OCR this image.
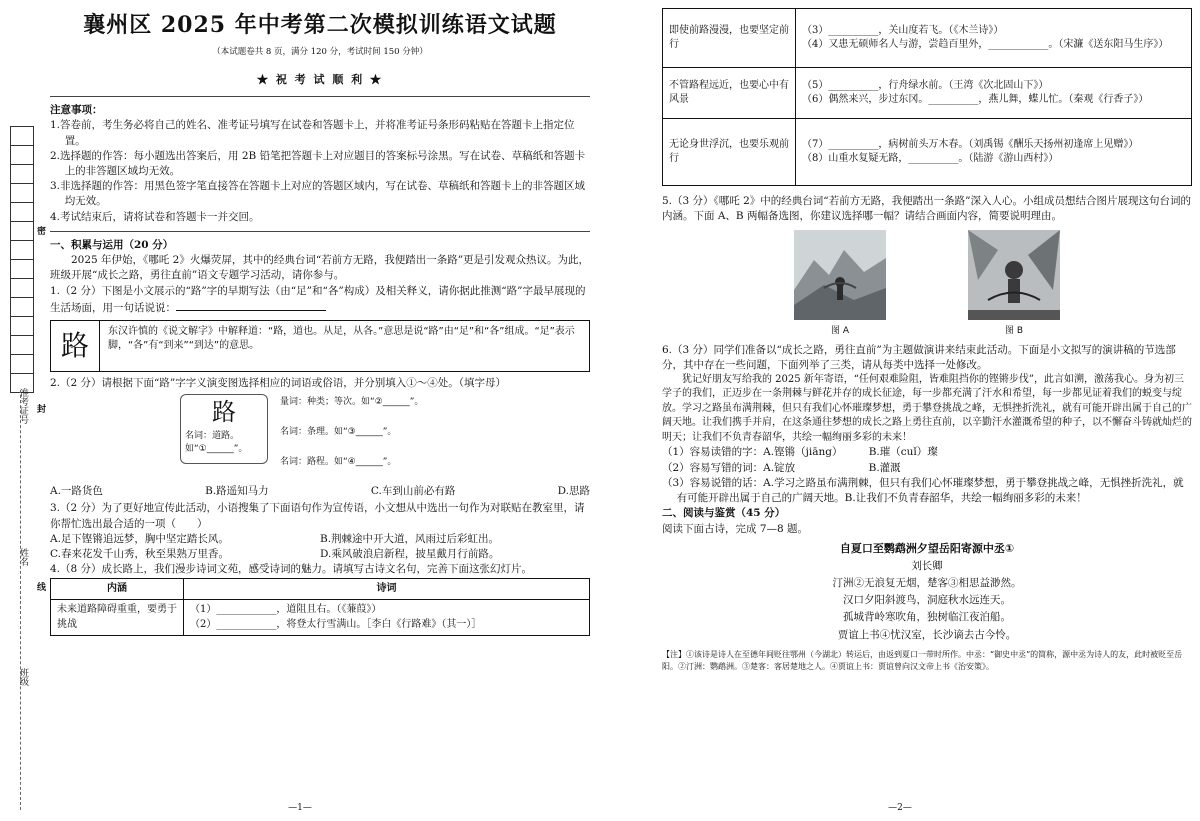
准考证号
姓名
班级
密
封
线
襄州区 2025 年中考第二次模拟训练语文试题
（本试题卷共 8 页，满分 120 分，考试时间 150 分钟）
★ 祝 考 试 顺 利 ★

注意事项：

1.答卷前，考生务必将自己的姓名、准考证号填写在试卷和答题卡上，并将准考证号条形码粘贴在答题卡上指定位置。

2.选择题的作答：每小题选出答案后，用 2B 铅笔把答题卡上对应题目的答案标号涂黑。写在试卷、草稿纸和答题卡上的非答题区域均无效。

3.非选择题的作答：用黑色签字笔直接答在答题卡上对应的答题区域内，写在试卷、草稿纸和答题卡上的非答题区域均无效。

4.考试结束后，请将试卷和答题卡一并交回。

一、积累与运用（20 分）

2025 年伊始，《哪吒 2》火爆荧屏，其中的经典台词“若前方无路，我便踏出一条路”更是引发观众热议。为此，班级开展“成长之路，勇往直前”语文专题学习活动，请你参与。

1.（2 分）下图是小文展示的“路”字的早期写法（由“足”和“各”构成）及相关释义，请你据此推测“路”字最早展现的生活场面，用一句话说说：

路	东汉许慎的《说文解字》中解释道：“路，道也。从足，从各。”意思是说“路”由“足”和“各”组成。“足”表示脚，“各”有“到来”“到达”的意思。

2.（2 分）请根据下面“路”字字义演变图选择相应的词语或俗语，并分别填入①～④处。（填字母）

路
名词：道路。
如“①______”。
量词：种类；等次。如“②______”。
名词：条理。如“③______”。
名词：路程。如“④______”。
A.一路货色	B.路遥知马力	C.车到山前必有路	D.思路

3.（2 分）为了更好地宣传此活动，小语搜集了下面语句作为宣传语，小文想从中选出一句作为对联贴在教室里，请你帮忙选出最合适的一项（　　）

A.足下铿锵追远梦，胸中坚定踏长风。	B.荆棘途中开大道，风雨过后彩虹出。
C.春来花发千山秀，秋至果熟万里香。	D.乘风破浪启新程，披星戴月行前路。

4.（8 分）成长路上，我们漫步诗词文苑，感受诗词的魅力。请填写古诗文名句，完善下面这张幻灯片。

内涵	诗词
未来道路障碍重重，要勇于挑战	（1）____________，道阻且右。（《蒹葭》）
（2）____________，将登太行雪满山。［李白《行路难》（其一）］
—1—
即使前路漫漫，也要坚定前行	（3）__________，关山度若飞。（《木兰诗》）
（4）又患无硕师名人与游，尝趋百里外，____________。（宋濂《送东阳马生序》）

不管路程远近，也要心中有风景	（5）__________，行舟绿水前。（王湾《次北固山下》）
（6）偶然来兴，步过东冈。__________，燕儿舞，蝶儿忙。（秦观《行香子》）

无论身世浮沉，也要乐观前行	（7）__________，病树前头万木春。（刘禹锡《酬乐天扬州初逢席上见赠》）
（8）山重水复疑无路，__________。（陆游《游山西村》）

5.（3 分）《哪吒 2》中的经典台词“若前方无路，我便踏出一条路”深入人心。小组成员想结合图片展现这句台词的内涵。下面 A、B 两幅备选图，你建议选择哪一幅？请结合画面内容，简要说明理由。

图 A	图 B

6.（3 分）同学们准备以“成长之路，勇往直前”为主题做演讲来结束此活动。下面是小文拟写的演讲稿的节选部分，其中存在一些问题，下面列举了三类，请从每类中选择一处修改。

犹记好朋友写给我的 2025 新年寄语，“任何艰难险阻，皆难阻挡你的铿锵步伐”，此言如溯，激荡我心。身为初三学子的我们，正迈步在一条荆棘与鲜花并存的成长征途，每一步都充满了汗水和希望，每一步都见证着我们的蜕变与绽放。学习之路虽布满荆棘，但只有我们心怀璀璨梦想，勇于攀登挑战之峰，无惧挫折洗礼，就有可能开辟出属于自己的广阔天地。让我们携手并肩，在这条通往梦想的成长之路上勇往直前，以辛勤汗水灌溉希望的种子，以不懈奋斗铸就灿烂的明天；让我们不负青春韶华，共绘一幅绚丽多彩的未来！

（1）容易读错的字：A.铿锵（jiāng）　　　B.璀（cuǐ）璨

（2）容易写错的词：A.锭放　　　　　　　B.灌溉

（3）容易说错的话：A.学习之路虽布满荆棘，但只有我们心怀璀璨梦想，勇于攀登挑战之峰，无惧挫折洗礼，就有可能开辟出属于自己的广阔天地。B.让我们不负青春韶华，共绘一幅绚丽多彩的未来！

二、阅读与鉴赏（45 分）

阅读下面古诗，完成 7—8 题。

自夏口至鹦鹉洲夕望岳阳寄源中丞①

刘长卿

汀洲②无浪复无烟，楚客③相思益渺然。

汉口夕阳斜渡鸟，洞庭秋水远连天。

孤城背岭寒吹角，独树临江夜泊船。

贾谊上书④忧汉室，长沙谪去古今怜。

【注】①该诗是诗人在至德年间贬往鄂州（今湖北）转运后，由返到夏口一带时所作。中丞：“御史中丞”的简称，源中丞为诗人的友，此时被贬至岳阳。②汀洲：鹦鹉洲。③楚客：客居楚地之人。④贾谊上书：贾谊曾向汉文帝上书《治安策》。

—2—
